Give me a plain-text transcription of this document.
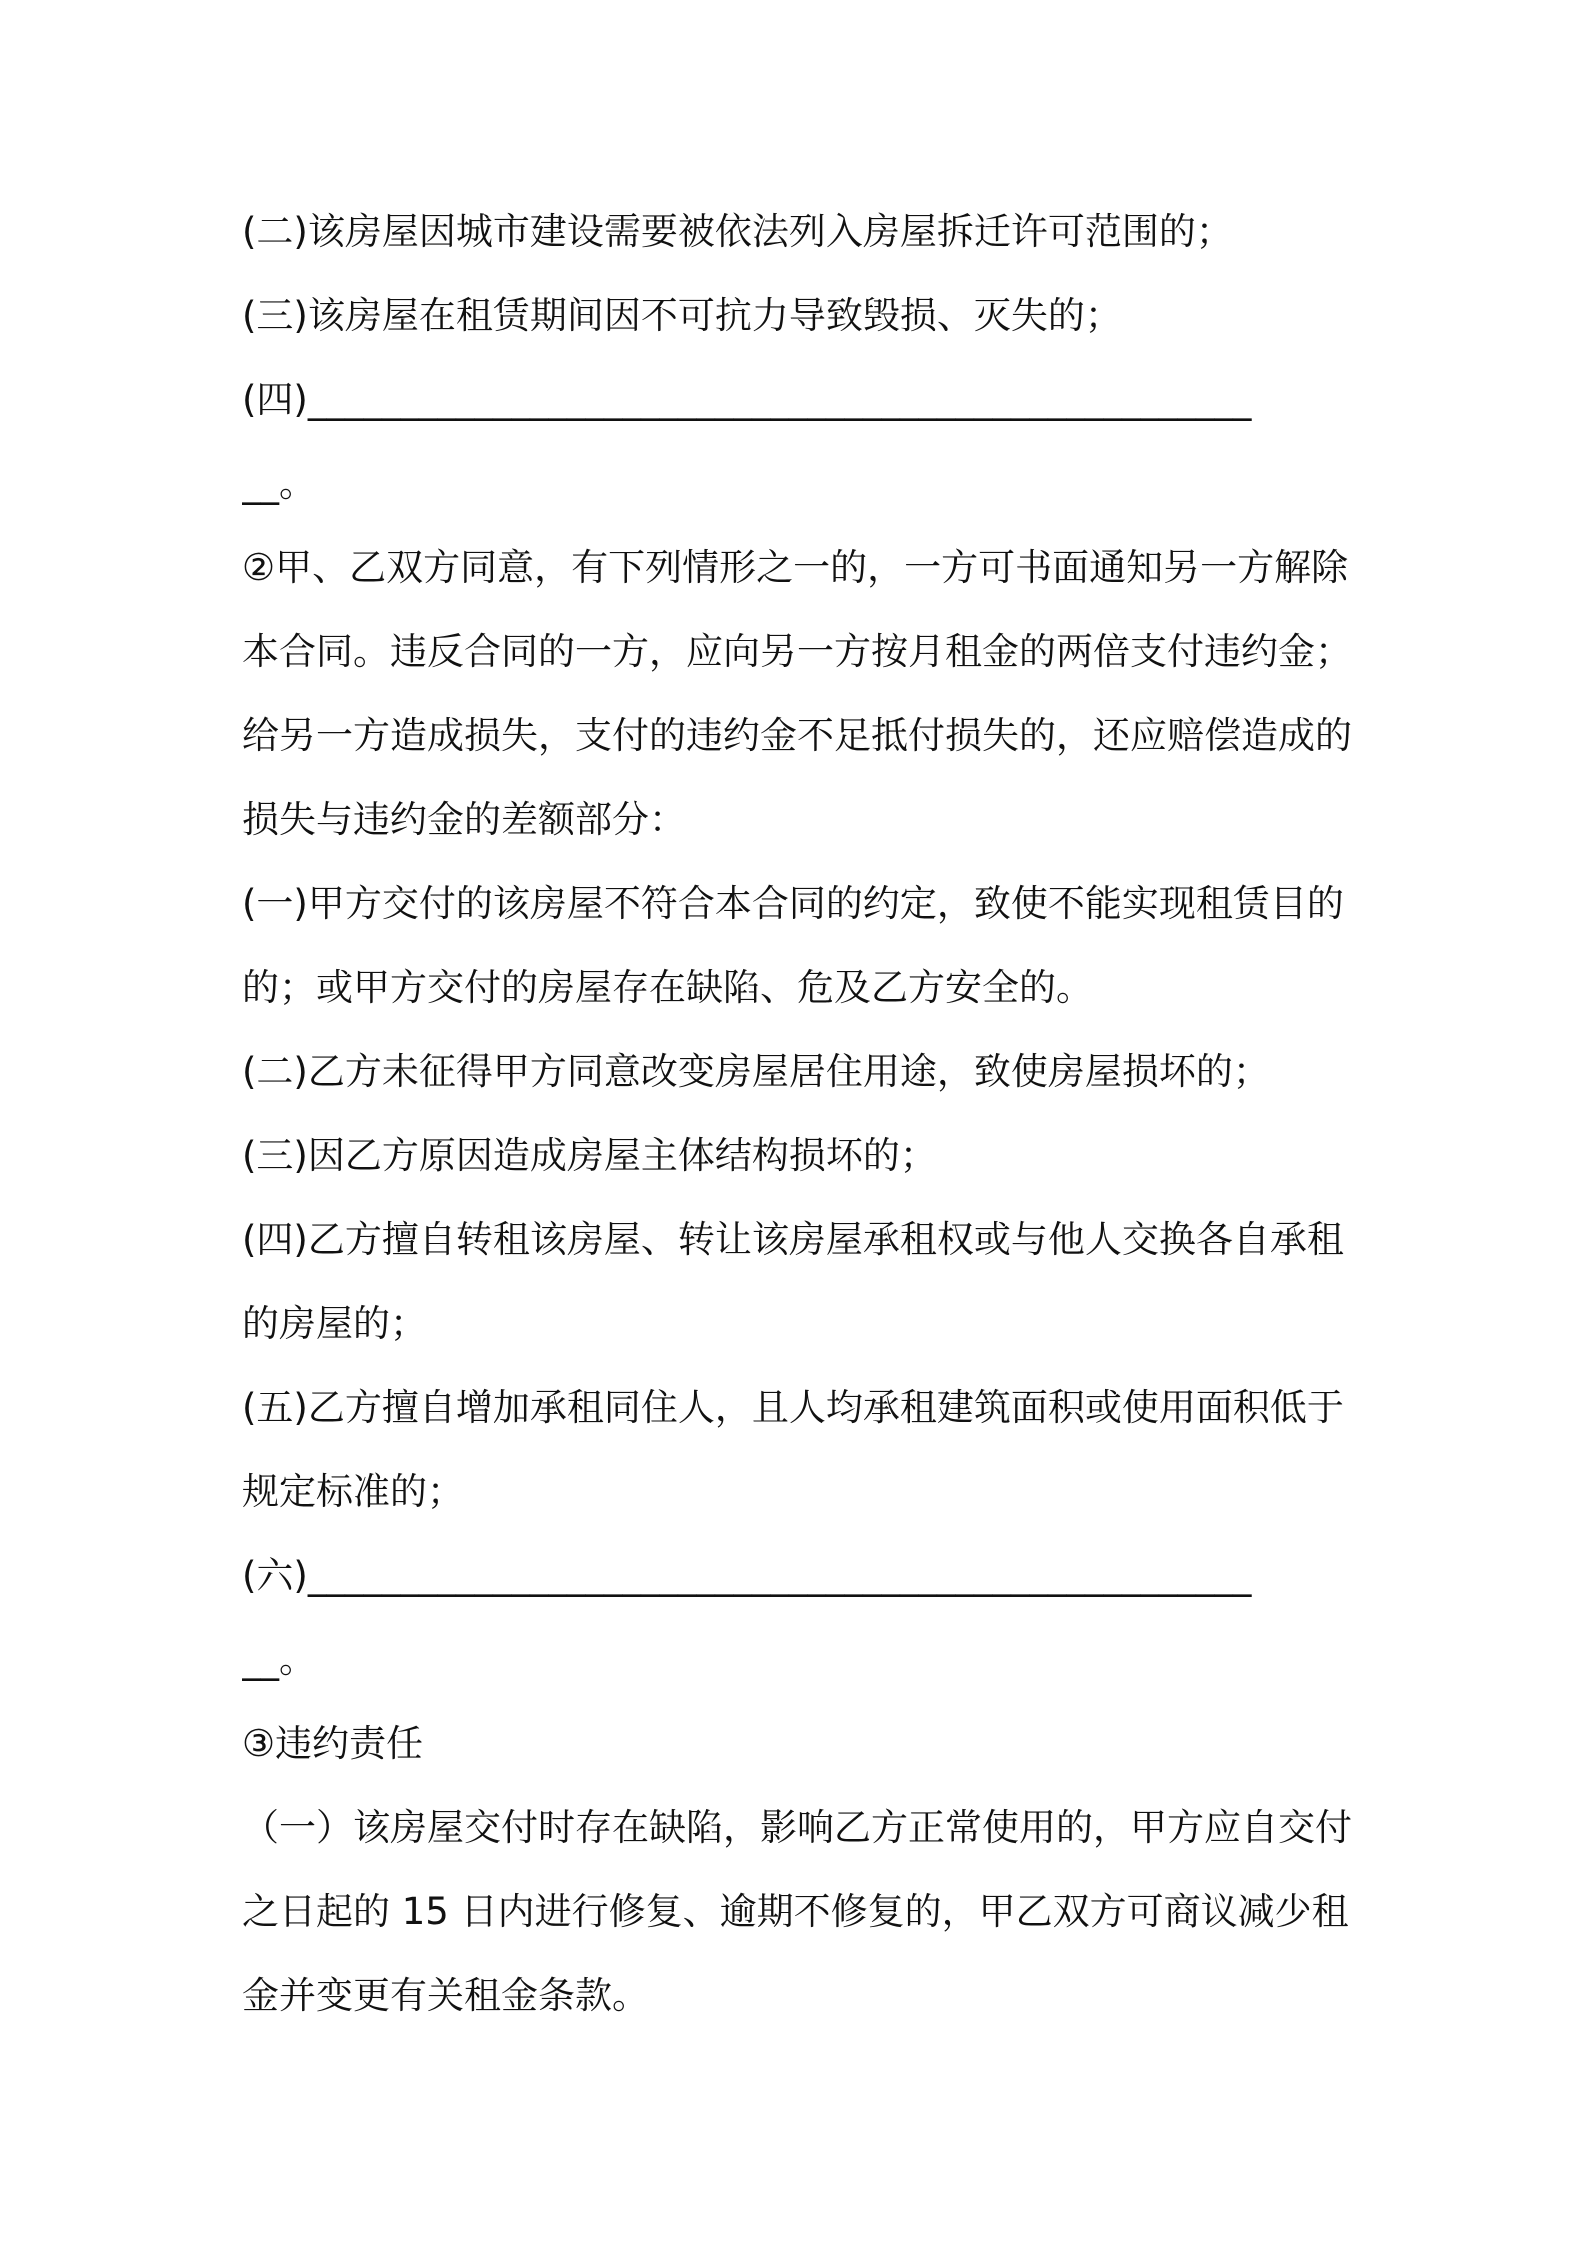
(二)该房屋因城市建设需要被依法列入房屋拆迁许可范围的；
(三)该房屋在租赁期间因不可抗力导致毁损、灭失的；
(四)___________________________________________________
__。
②甲、乙双方同意，有下列情形之一的，一方可书面通知另一方解除
本合同。违反合同的一方，应向另一方按月租金的两倍支付违约金；
给另一方造成损失，支付的违约金不足抵付损失的，还应赔偿造成的
损失与违约金的差额部分：
(一)甲方交付的该房屋不符合本合同的约定，致使不能实现租赁目的
的；或甲方交付的房屋存在缺陷、危及乙方安全的。
(二)乙方未征得甲方同意改变房屋居住用途，致使房屋损坏的；
(三)因乙方原因造成房屋主体结构损坏的；
(四)乙方擅自转租该房屋、转让该房屋承租权或与他人交换各自承租
的房屋的；
(五)乙方擅自增加承租同住人，且人均承租建筑面积或使用面积低于
规定标准的；
(六)___________________________________________________
__。
③违约责任
（一）该房屋交付时存在缺陷，影响乙方正常使用的，甲方应自交付
之日起的 15 日内进行修复、逾期不修复的，甲乙双方可商议减少租
金并变更有关租金条款。
